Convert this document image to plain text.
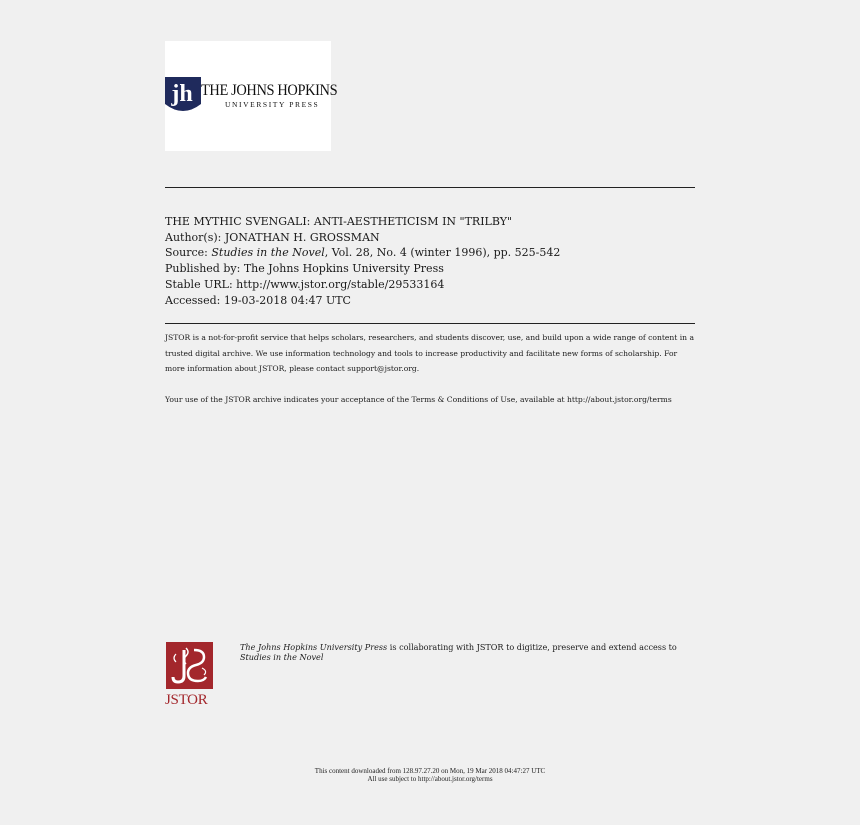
jh THE JOHNS HOPKINS
UNIVERSITY PRESS
THE MYTHIC SVENGALI: ANTI-AESTHETICISM IN "TRILBY"
Author(s): JONATHAN H. GROSSMAN
Source: Studies in the Novel, Vol. 28, No. 4 (winter 1996), pp. 525-542
Published by: The Johns Hopkins University Press
Stable URL: http://www.jstor.org/stable/29533164
Accessed: 19-03-2018 04:47 UTC

JSTOR is a not-for-profit service that helps scholars, researchers, and students discover, use, and build upon a wide range of content in a trusted digital archive. We use information technology and tools to increase productivity and facilitate new forms of scholarship. For more information about JSTOR, please contact support@jstor.org.

Your use of the JSTOR archive indicates your acceptance of the Terms & Conditions of Use, available at http://about.jstor.org/terms

JSTOR
The Johns Hopkins University Press is collaborating with JSTOR to digitize, preserve and extend access to Studies in the Novel
This content downloaded from 128.97.27.20 on Mon, 19 Mar 2018 04:47:27 UTC
All use subject to http://about.jstor.org/terms
